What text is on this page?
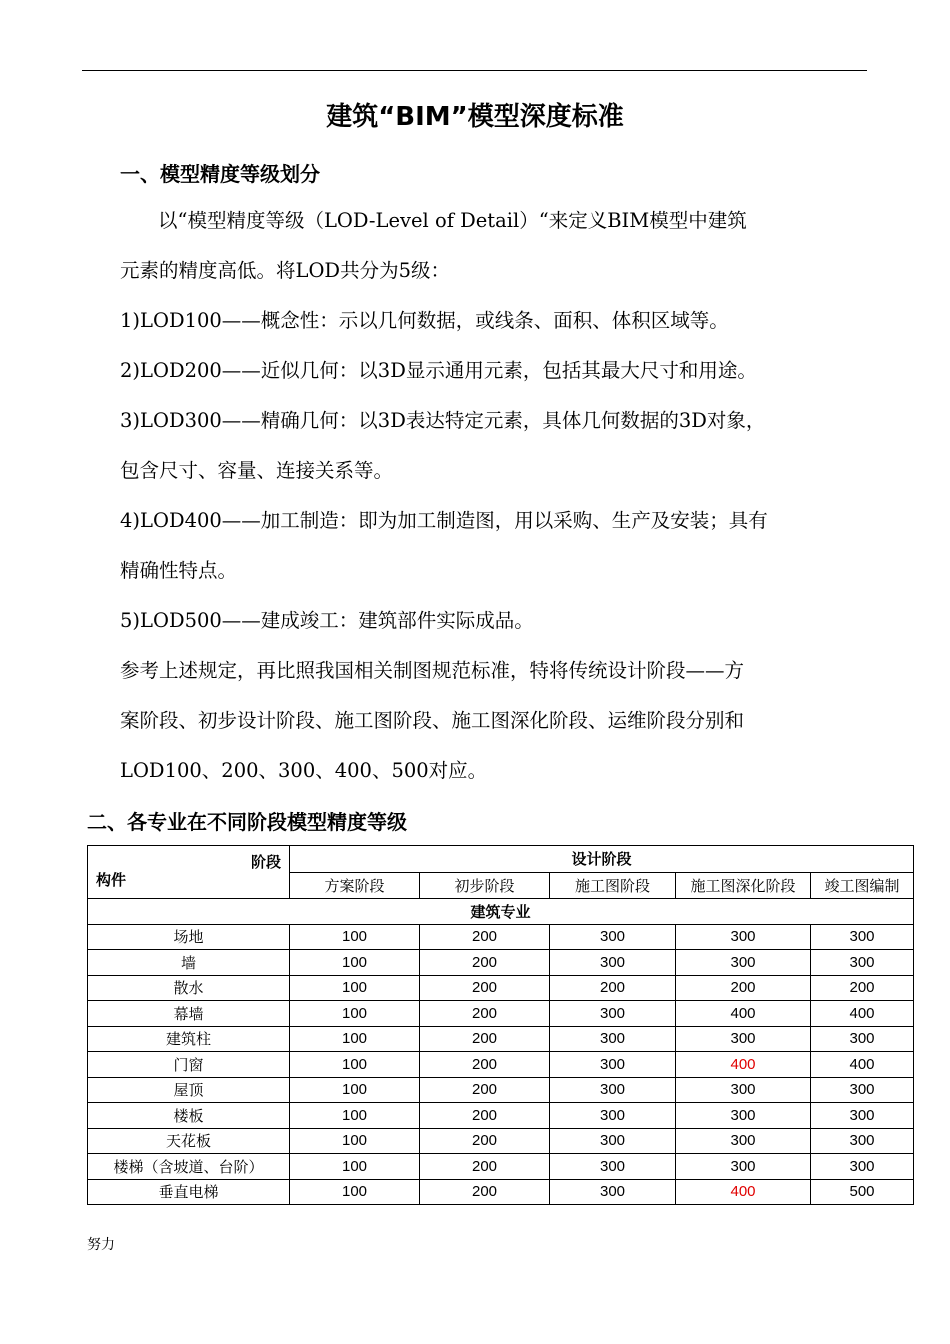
建筑“BIM”模型深度标准
一、模型精度等级划分

以“模型精度等级（LOD-Level of Detail）“来定义BIM模型中建筑

元素的精度高低。将LOD共分为5级：

1)LOD100——概念性：示以几何数据，或线条、面积、体积区域等。

2)LOD200——近似几何：以3D显示通用元素，包括其最大尺寸和用途。

3)LOD300——精确几何：以3D表达特定元素，具体几何数据的3D对象，

包含尺寸、容量、连接关系等。

4)LOD400——加工制造：即为加工制造图，用以采购、生产及安装；具有

精确性特点。

5)LOD500——建成竣工：建筑部件实际成品。

参考上述规定，再比照我国相关制图规范标准，特将传统设计阶段——方

案阶段、初步设计阶段、施工图阶段、施工图深化阶段、运维阶段分别和

LOD100、200、300、400、500对应。

二、各专业在不同阶段模型精度等级
阶段
构件	设计阶段				
	方案阶段	初步阶段	施工图阶段	施工图深化阶段	竣工图编制
建筑专业					
场地	100	200	300	300	300
墙	100	200	300	300	300
散水	100	200	200	200	200
幕墙	100	200	300	400	400
建筑柱	100	200	300	300	300
门窗	100	200	300	400	400
屋顶	100	200	300	300	300
楼板	100	200	300	300	300
天花板	100	200	300	300	300
楼梯（含坡道、台阶）	100	200	300	300	300
垂直电梯	100	200	300	400	500
努力
